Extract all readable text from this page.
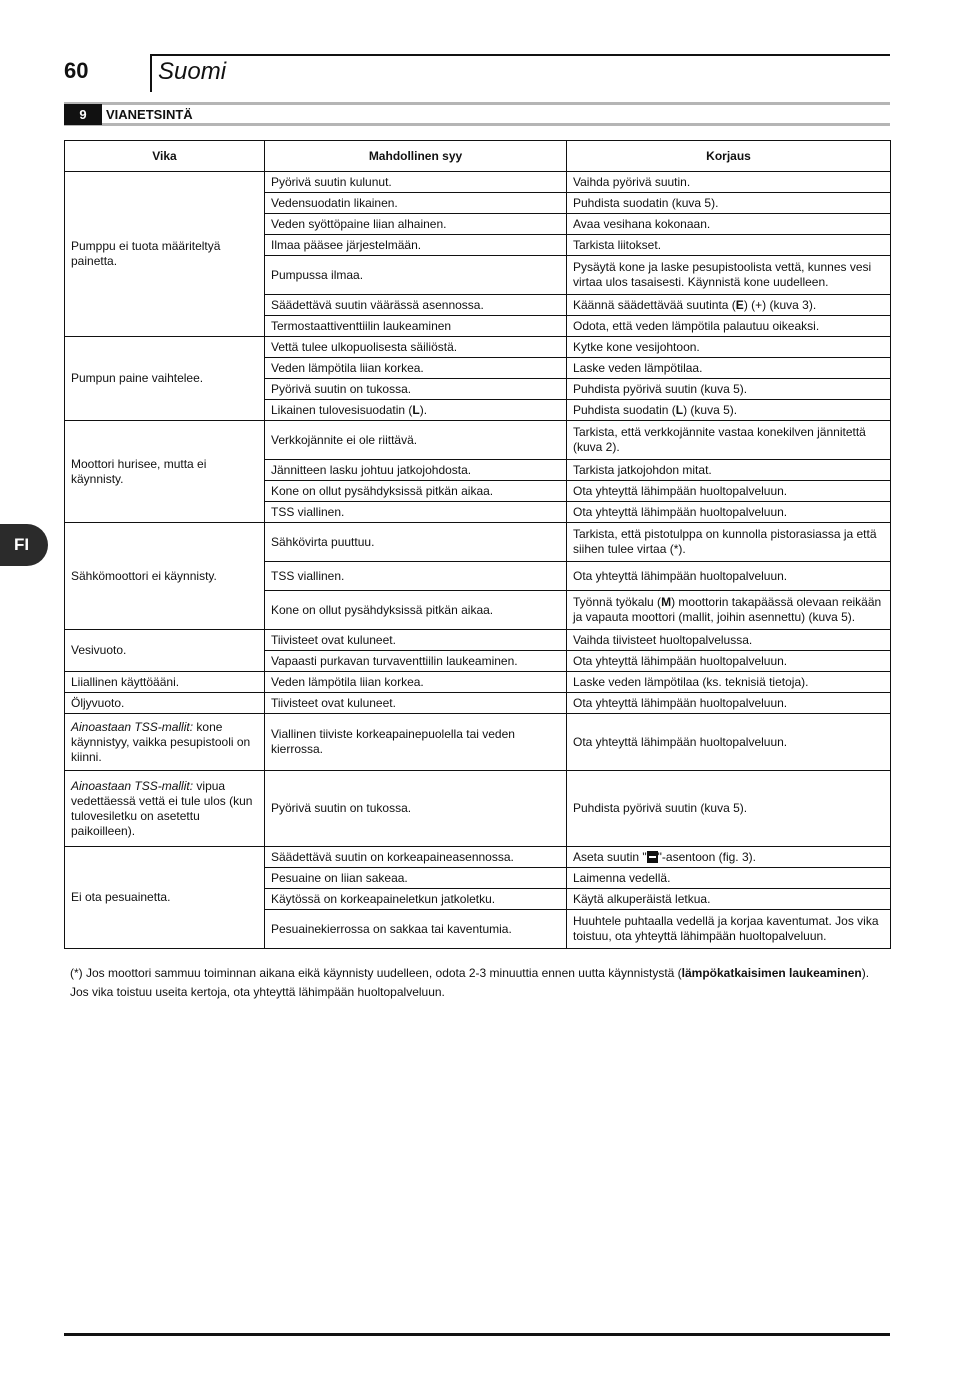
60	Suomi
9	VIANETSINTÄ
FI
Vika	Mahdollinen syy	Korjaus
Pumppu ei tuota määriteltyä painetta.	Pyörivä suutin kulunut.	Vaihda pyörivä suutin.
	Vedensuodatin likainen.	Puhdista suodatin (kuva 5).
	Veden syöttöpaine liian alhainen.	Avaa vesihana kokonaan.
	Ilmaa pääsee järjestelmään.	Tarkista liitokset.
	Pumpussa ilmaa.	Pysäytä kone ja laske pesupistoolista vettä, kunnes vesi virtaa ulos tasaisesti. Käynnistä kone uudelleen.
	Säädettävä suutin väärässä asennossa.	Käännä säädettävää suutinta (E) (+) (kuva 3).
	Termostaattiventtiilin laukeaminen	Odota, että veden lämpötila palautuu oikeaksi.
Pumpun paine vaihtelee.	Vettä tulee ulkopuolisesta säiliöstä.	Kytke kone vesijohtoon.
	Veden lämpötila liian korkea.	Laske veden lämpötilaa.
	Pyörivä suutin on tukossa.	Puhdista pyörivä suutin (kuva 5).
	Likainen tulovesisuodatin (L).	Puhdista suodatin (L) (kuva 5).
Moottori hurisee, mutta ei käynnisty.	Verkkojännite ei ole riittävä.	Tarkista, että verkkojännite vastaa konekilven jännitettä (kuva 2).
	Jännitteen lasku johtuu jatkojohdosta.	Tarkista jatkojohdon mitat.
	Kone on ollut pysähdyksissä pitkän aikaa.	Ota yhteyttä lähimpään huoltopalveluun.
	TSS viallinen.	Ota yhteyttä lähimpään huoltopalveluun.
Sähkömoottori ei käynnisty.	Sähkövirta puuttuu.	Tarkista, että pistotulppa on kunnolla pistorasiassa ja että siihen tulee virtaa (*).
	TSS viallinen.	Ota yhteyttä lähimpään huoltopalveluun.
	Kone on ollut pysähdyksissä pitkän aikaa.	Työnnä työkalu (M) moottorin takapäässä olevaan reikään ja vapauta moottori (mallit, joihin asennettu) (kuva 5).
Vesivuoto.	Tiivisteet ovat kuluneet.	Vaihda tiivisteet huoltopalvelussa.
	Vapaasti purkavan turvaventtiilin laukeaminen.	Ota yhteyttä lähimpään huoltopalveluun.
Liiallinen käyttöääni.	Veden lämpötila liian korkea.	Laske veden lämpötilaa (ks. teknisiä tietoja).
Öljyvuoto.	Tiivisteet ovat kuluneet.	Ota yhteyttä lähimpään huoltopalveluun.
Ainoastaan TSS-mallit: kone käynnistyy, vaikka pesupistooli on kiinni.	Viallinen tiiviste korkeapainepuolella tai veden kierrossa.	Ota yhteyttä lähimpään huoltopalveluun.
Ainoastaan TSS-mallit: vipua vedettäessä vettä ei tule ulos (kun tulovesiletku on asetettu paikoilleen).	Pyörivä suutin on tukossa.	Puhdista pyörivä suutin (kuva 5).
Ei ota pesuainetta.	Säädettävä suutin on korkeapaineasennossa.	Aseta suutin " "-asentoon (fig. 3).
	Pesuaine on liian sakeaa.	Laimenna vedellä.
	Käytössä on korkeapaineletkun jatkoletku.	Käytä alkuperäistä letkua.
	Pesuainekierrossa on sakkaa tai kaventumia.	Huuhtele puhtaalla vedellä ja korjaa kaventumat. Jos vika toistuu, ota yhteyttä lähimpään huoltopalveluun.
(*) Jos moottori sammuu toiminnan aikana eikä käynnisty uudelleen, odota 2-3 minuuttia ennen uutta käynnistystä (lämpökatkaisimen laukeaminen).
Jos vika toistuu useita kertoja, ota yhteyttä lähimpään huoltopalveluun.
